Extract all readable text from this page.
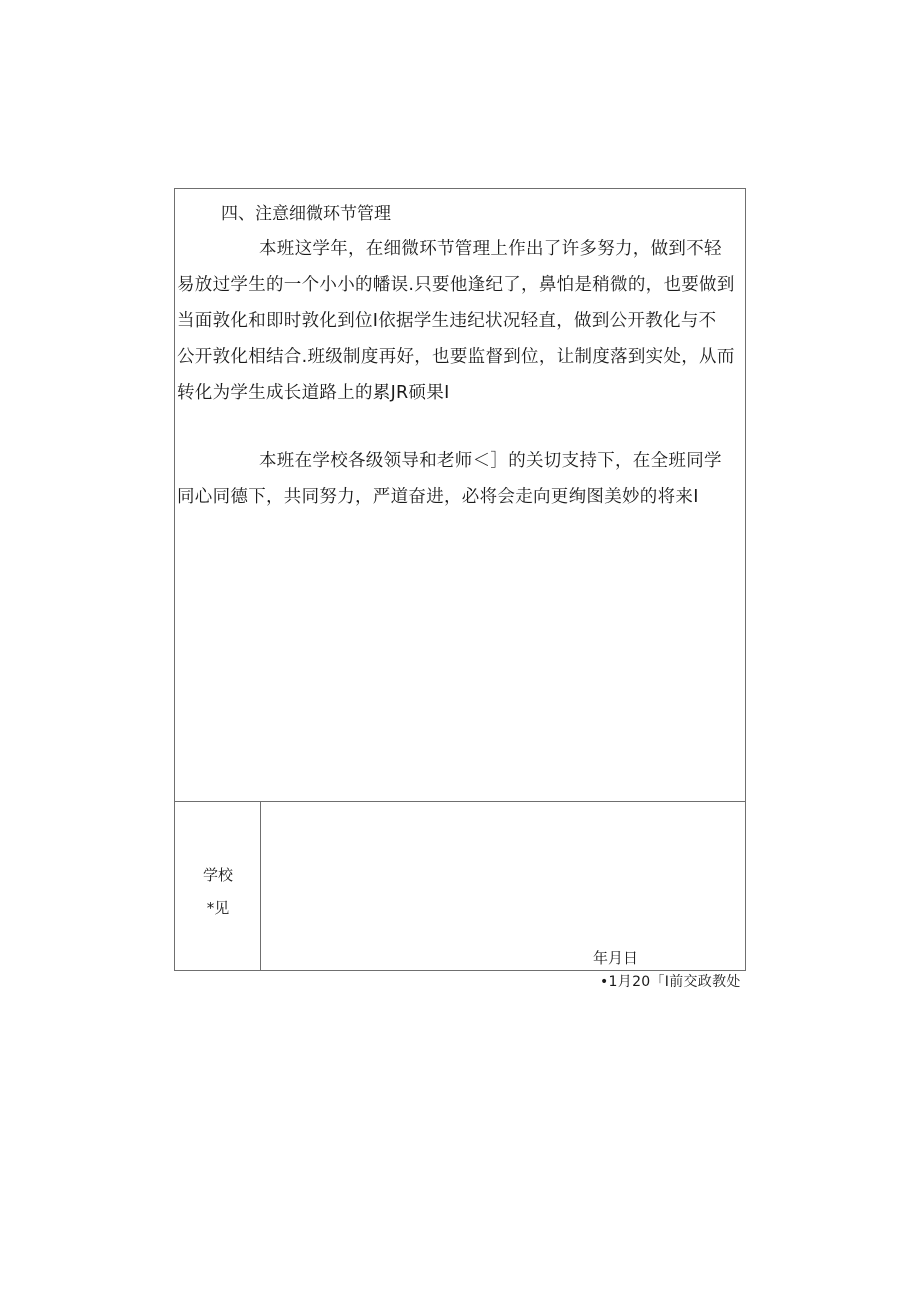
四、注意细微环节管理
本班这学年，在细微环节管理上作出了许多努力，做到不轻
易放过学生的一个小小的幡误.只要他逢纪了，鼻怕是稍微的，也要做到
当面敦化和即时敦化到位I依据学生违纪状况轻直，做到公开教化与不
公开敦化相结合.班级制度再好，也要监督到位，让制度落到实处，从而
转化为学生成长道路上的累JR硕果I
本班在学校各级领导和老师＜］的关切支持下，在全班同学
同心同德下，共同努力，严道奋进，必将会走向更绚图美妙的将来I
学校
*见
年月日
•1月20「I前交政教处
